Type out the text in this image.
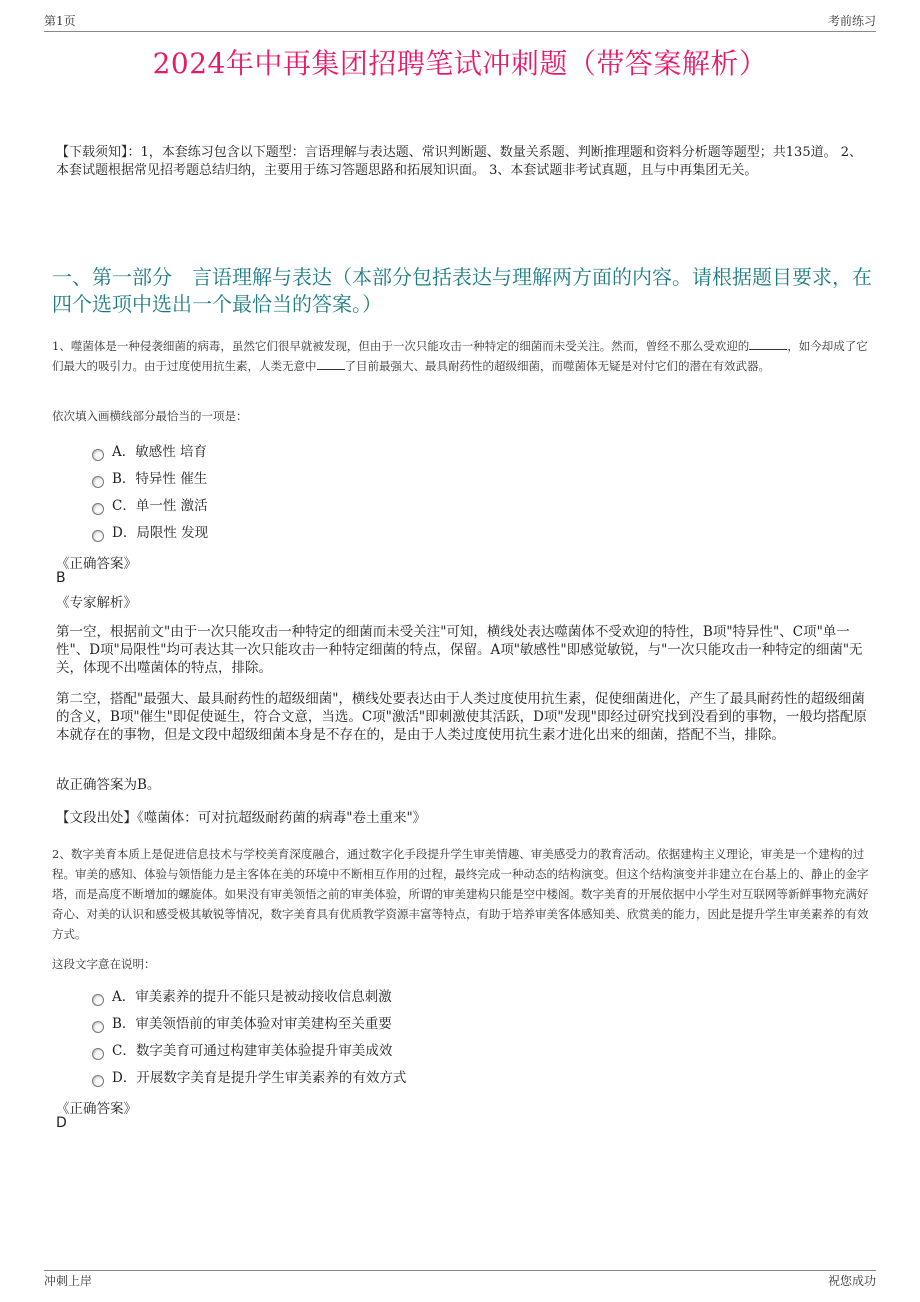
第1页	考前练习
2024年中再集团招聘笔试冲刺题（带答案解析）
【下载须知】：1，本套练习包含以下题型：言语理解与表达题、常识判断题、数量关系题、判断推理题和资料分析题等题型；共135道。 2、本套试题根据常见招考题总结归纳，主要用于练习答题思路和拓展知识面。 3、本套试题非考试真题，且与中再集团无关。
一、第一部分　言语理解与表达（本部分包括表达与理解两方面的内容。请根据题目要求，在四个选项中选出一个最恰当的答案。）
1、噬菌体是一种侵袭细菌的病毒，虽然它们很早就被发现，但由于一次只能攻击一种特定的细菌而未受关注。然而，曾经不那么受欢迎的	，如今却成了它们最大的吸引力。由于过度使用抗生素，人类无意中 了目前最强大、最具耐药性的超级细菌，而噬菌体无疑是对付它们的潜在有效武器。
依次填入画横线部分最恰当的一项是：
A．敏感性 培育
B．特异性 催生
C．单一性 激活
D．局限性 发现
《正确答案》
B
《专家解析》
第一空，根据前文"由于一次只能攻击一种特定的细菌而未受关注"可知，横线处表达噬菌体不受欢迎的特性，B项"特异性"、C项"单一性"、D项"局限性"均可表达其一次只能攻击一种特定细菌的特点，保留。A项"敏感性"即感觉敏锐，与"一次只能攻击一种特定的细菌"无关，体现不出噬菌体的特点，排除。
第二空，搭配"最强大、最具耐药性的超级细菌"，横线处要表达由于人类过度使用抗生素，促使细菌进化，产生了最具耐药性的超级细菌的含义，B项"催生"即促使诞生，符合文意，当选。C项"激活"即刺激使其活跃，D项"发现"即经过研究找到没看到的事物，一般均搭配原本就存在的事物，但是文段中超级细菌本身是不存在的，是由于人类过度使用抗生素才进化出来的细菌，搭配不当，排除。
故正确答案为B。
【文段出处】《噬菌体：可对抗超级耐药菌的病毒"卷土重来"》
2、数字美育本质上是促进信息技术与学校美育深度融合，通过数字化手段提升学生审美情趣、审美感受力的教育活动。依据建构主义理论，审美是一个建构的过程。审美的感知、体验与领悟能力是主客体在美的环境中不断相互作用的过程，最终完成一种动态的结构演变。但这个结构演变并非建立在台基上的、静止的金字塔，而是高度不断增加的螺旋体。如果没有审美领悟之前的审美体验，所谓的审美建构只能是空中楼阁。数字美育的开展依据中小学生对互联网等新鲜事物充满好奇心、对美的认识和感受极其敏锐等情况，数字美育具有优质教学资源丰富等特点，有助于培养审美客体感知美、欣赏美的能力，因此是提升学生审美素养的有效方式。
这段文字意在说明：
A．审美素养的提升不能只是被动接收信息刺激
B．审美领悟前的审美体验对审美建构至关重要
C．数字美育可通过构建审美体验提升审美成效
D．开展数字美育是提升学生审美素养的有效方式
《正确答案》
D
冲刺上岸	祝您成功
